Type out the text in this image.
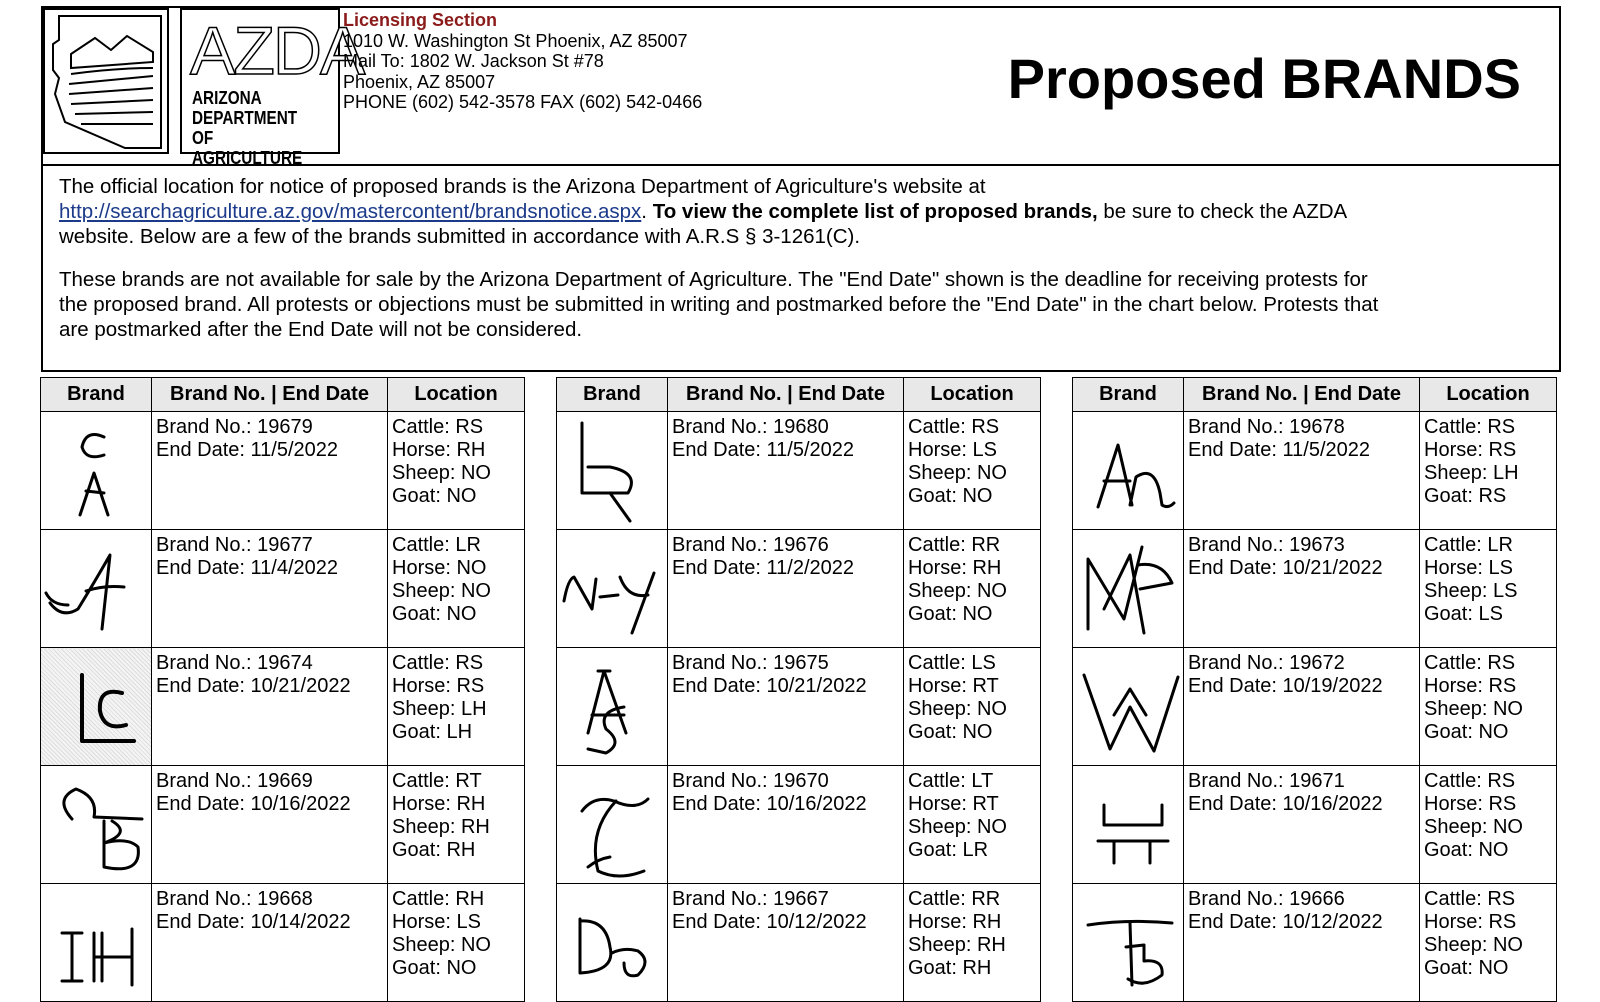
AZDA
ARIZONA
DEPARTMENT
OF AGRICULTURE
Licensing Section
1010 W. Washington St Phoenix, AZ 85007
Mail To: 1802 W. Jackson St #78
Phoenix, AZ 85007
PHONE (602) 542-3578 FAX (602) 542-0466	Proposed BRANDS

The official location for notice of proposed brands is the Arizona Department of Agriculture's website at
http://searchagriculture.az.gov/mastercontent/brandsnotice.aspx. To view the complete list of proposed brands, be sure to check the AZDA
website. Below are a few of the brands submitted in accordance with A.R.S § 3-1261(C).

These brands are not available for sale by the Arizona Department of Agriculture. The "End Date" shown is the deadline for receiving protests for
the proposed brand. All protests or objections must be submitted in writing and postmarked before the "End Date" in the chart below. Protests that
are postmarked after the End Date will not be considered.

Brand	Brand No. | End Date	Location

Brand No.: 19679
End Date: 11/5/2022	Cattle: RS
Horse: RH
Sheep: NO
Goat: NO

Brand No.: 19677
End Date: 11/4/2022	Cattle: LR
Horse: NO
Sheep: NO
Goat: NO

Brand No.: 19674
End Date: 10/21/2022	Cattle: RS
Horse: RS
Sheep: LH
Goat: LH

Brand No.: 19669
End Date: 10/16/2022	Cattle: RT
Horse: RH
Sheep: RH
Goat: RH

Brand No.: 19668
End Date: 10/14/2022	Cattle: RH
Horse: LS
Sheep: NO
Goat: NO
Brand	Brand No. | End Date	Location

Brand No.: 19680
End Date: 11/5/2022	Cattle: RS
Horse: LS
Sheep: NO
Goat: NO

Brand No.: 19676
End Date: 11/2/2022	Cattle: RR
Horse: RH
Sheep: NO
Goat: NO

Brand No.: 19675
End Date: 10/21/2022	Cattle: LS
Horse: RT
Sheep: NO
Goat: NO

Brand No.: 19670
End Date: 10/16/2022	Cattle: LT
Horse: RT
Sheep: NO
Goat: LR

Brand No.: 19667
End Date: 10/12/2022	Cattle: RR
Horse: RH
Sheep: RH
Goat: RH
Brand	Brand No. | End Date	Location

Brand No.: 19678
End Date: 11/5/2022	Cattle: RS
Horse: RS
Sheep: LH
Goat: RS

Brand No.: 19673
End Date: 10/21/2022	Cattle: LR
Horse: LS
Sheep: LS
Goat: LS

Brand No.: 19672
End Date: 10/19/2022	Cattle: RS
Horse: RS
Sheep: NO
Goat: NO

Brand No.: 19671
End Date: 10/16/2022	Cattle: RS
Horse: RS
Sheep: NO
Goat: NO

Brand No.: 19666
End Date: 10/12/2022	Cattle: RS
Horse: RS
Sheep: NO
Goat: NO
